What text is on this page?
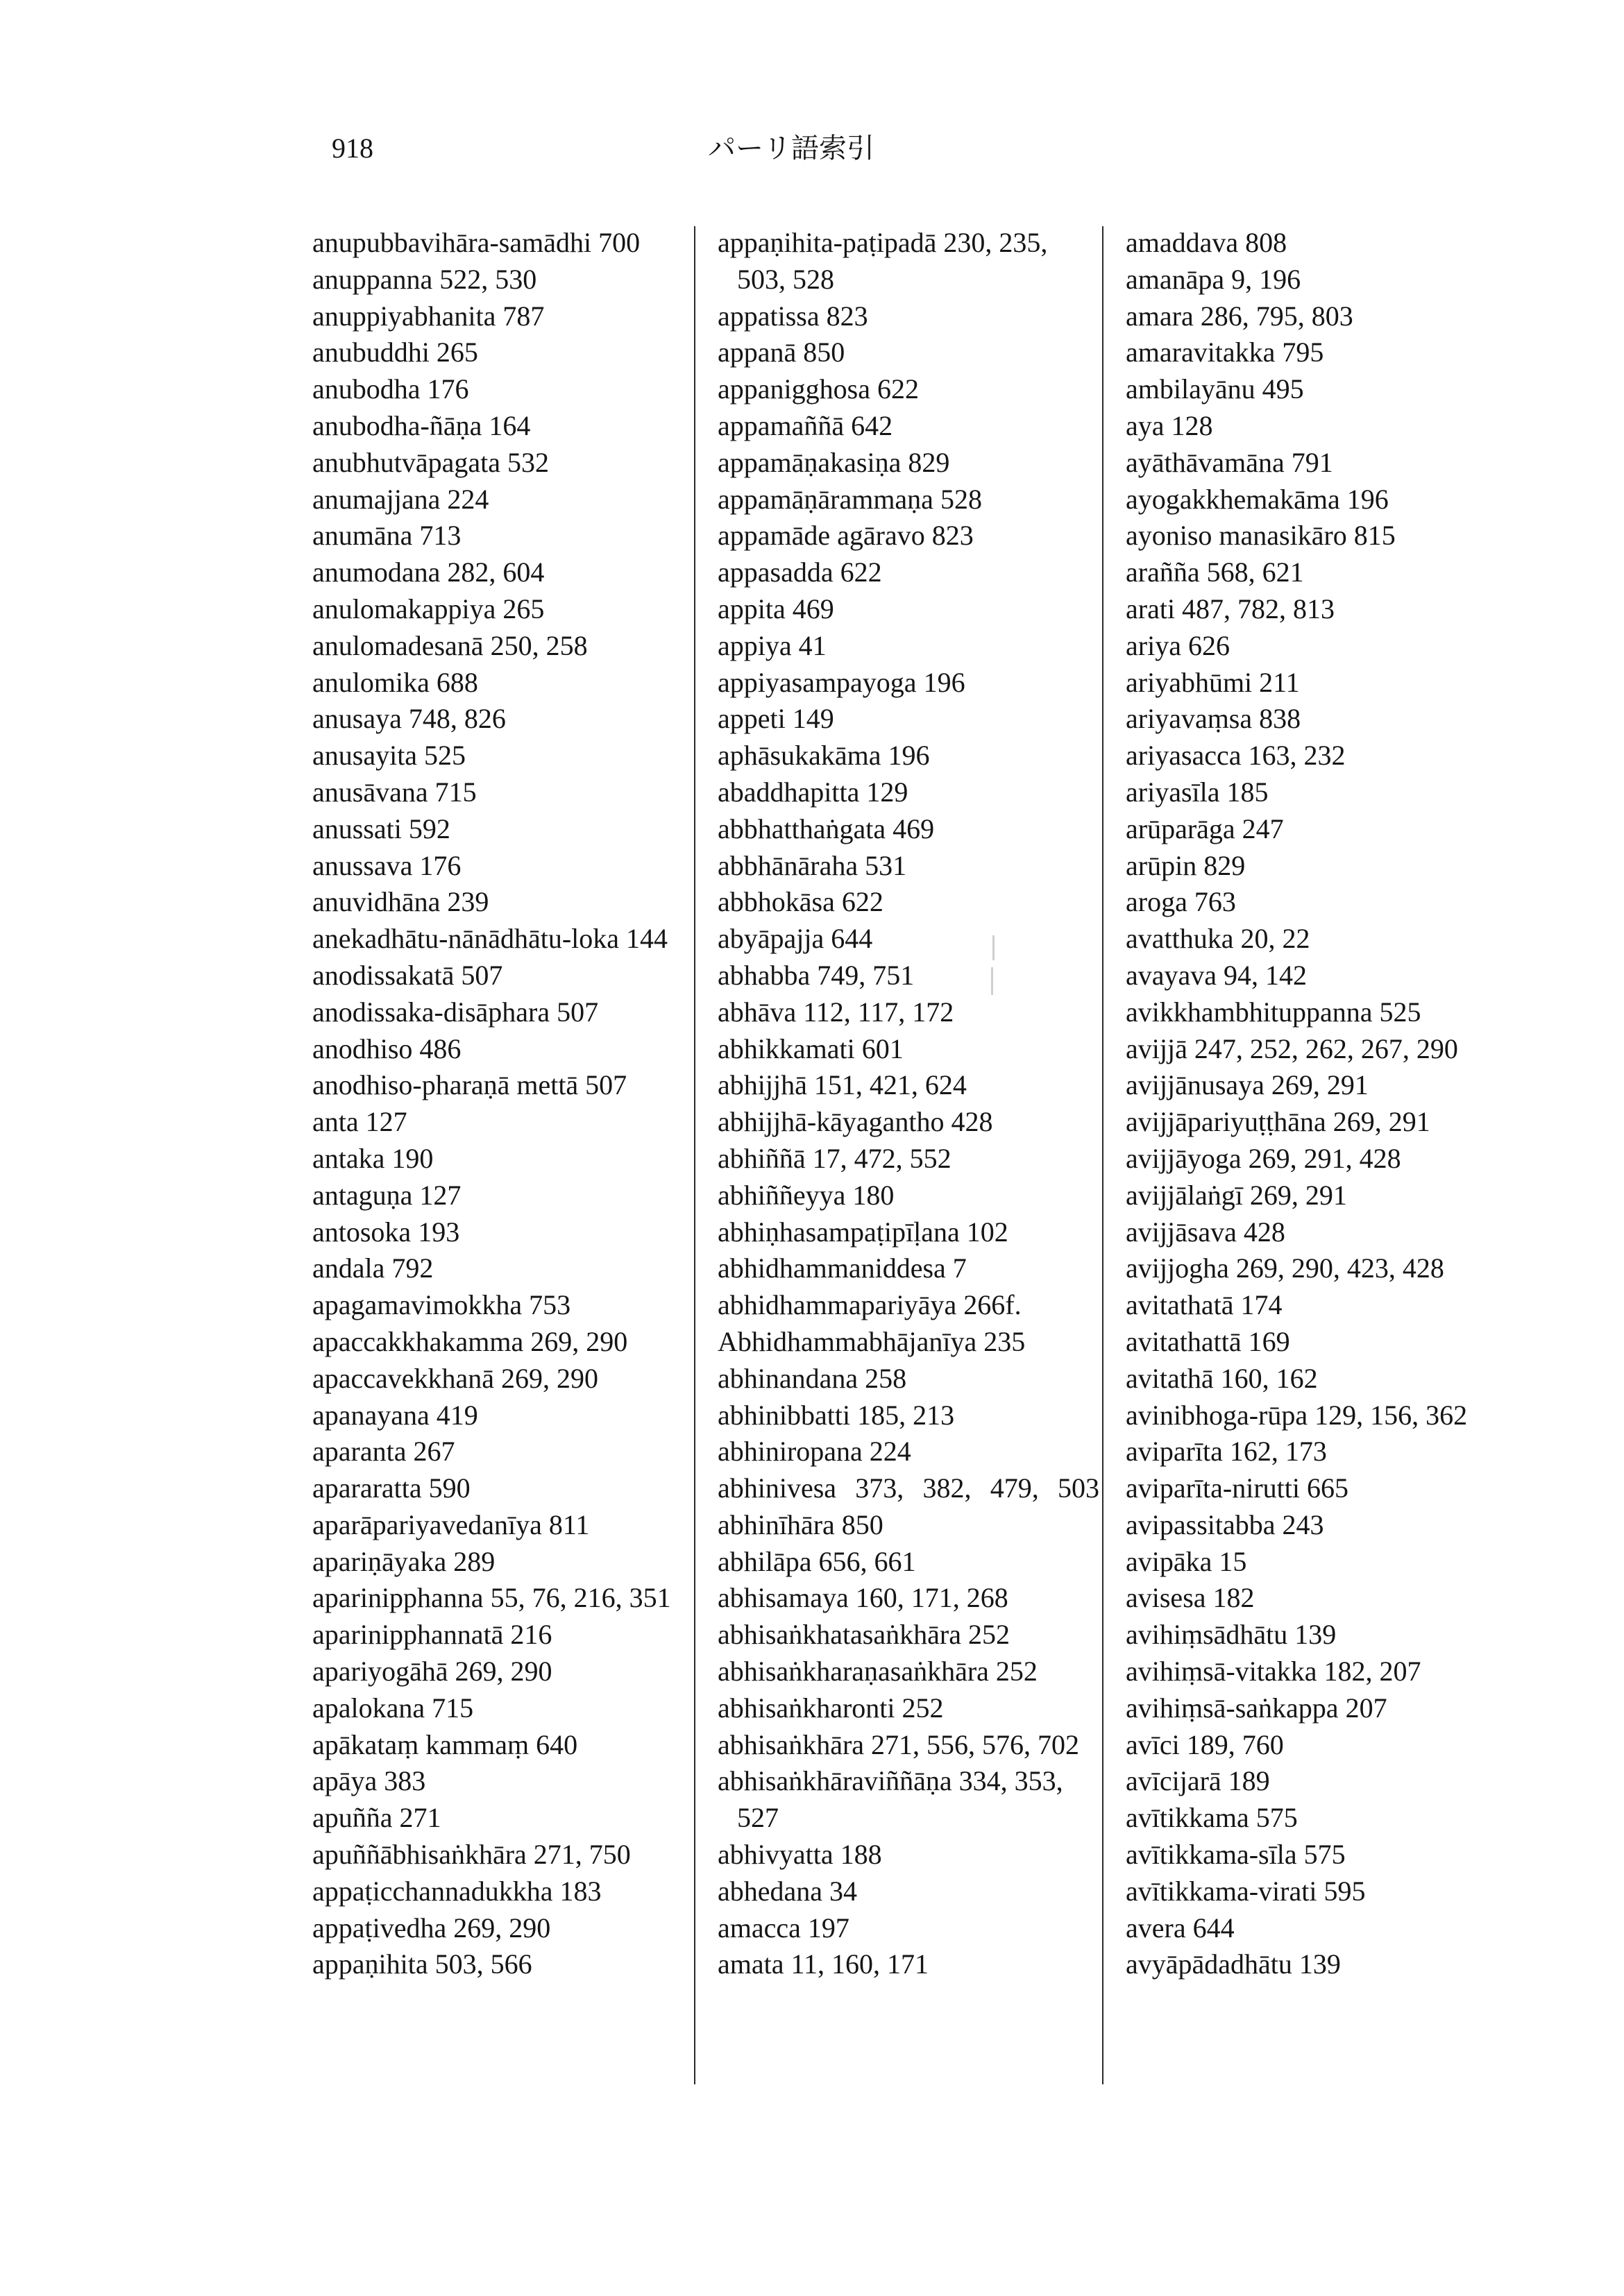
918	パーリ語索引
anupubbavihāra-samādhi 700
anuppanna 522, 530
anuppiyabhanita 787
anubuddhi 265
anubodha 176
anubodha-ñāṇa 164
anubhutvāpagata 532
anumajjana 224
anumāna 713
anumodana 282, 604
anulomakappiya 265
anulomadesanā 250, 258
anulomika 688
anusaya 748, 826
anusayita 525
anusāvana 715
anussati 592
anussava 176
anuvidhāna 239
anekadhātu-nānādhātu-loka 144
anodissakatā 507
anodissaka-disāphara 507
anodhiso 486
anodhiso-pharaṇā mettā 507
anta 127
antaka 190
antaguṇa 127
antosoka 193
andala 792
apagamavimokkha 753
apaccakkhakamma 269, 290
apaccavekkhanā 269, 290
apanayana 419
aparanta 267
apararatta 590
aparāpariyavedanīya 811
apariṇāyaka 289
aparinipphanna 55, 76, 216, 351
aparinipphannatā 216
apariyogāhā 269, 290
apalokana 715
apākataṃ kammaṃ 640
apāya 383
apuñña 271
apuññābhisaṅkhāra 271, 750
appaṭicchannadukkha 183
appaṭivedha 269, 290
appaṇihita 503, 566
appaṇihita-paṭipadā 230, 235, 503, 528
appatissa 823
appanā 850
appanigghosa 622
appamaññā 642
appamāṇakasiṇa 829
appamāṇārammaṇa 528
appamāde agāravo 823
appasadda 622
appita 469
appiya 41
appiyasampayoga 196
appeti 149
aphāsukakāma 196
abaddhapitta 129
abbhatthaṅgata 469
abbhānāraha 531
abbhokāsa 622
abyāpajja 644
abhabba 749, 751
abhāva 112, 117, 172
abhikkamati 601
abhijjhā 151, 421, 624
abhijjhā-kāyagantho 428
abhiññā 17, 472, 552
abhiññeyya 180
abhiṇhasampaṭipīḷana 102
abhidhammaniddesa 7
abhidhammapariyāya 266f.
Abhidhammabhājanīya 235
abhinandana 258
abhinibbatti 185, 213
abhiniropana 224
abhinivesa 373, 382, 479, 503
abhinīhāra 850
abhilāpa 656, 661
abhisamaya 160, 171, 268
abhisaṅkhatasaṅkhāra 252
abhisaṅkharaṇasaṅkhāra 252
abhisaṅkharonti 252
abhisaṅkhāra 271, 556, 576, 702
abhisaṅkhāraviññāṇa 334, 353, 527
abhivyatta 188
abhedana 34
amacca 197
amata 11, 160, 171
amaddava 808
amanāpa 9, 196
amara 286, 795, 803
amaravitakka 795
ambilayānu 495
aya 128
ayāthāvamāna 791
ayogakkhemakāma 196
ayoniso manasikāro 815
arañña 568, 621
arati 487, 782, 813
ariya 626
ariyabhūmi 211
ariyavaṃsa 838
ariyasacca 163, 232
ariyasīla 185
arūparāga 247
arūpin 829
aroga 763
avatthuka 20, 22
avayava 94, 142
avikkhambhituppanna 525
avijjā 247, 252, 262, 267, 290
avijjānusaya 269, 291
avijjāpariyuṭṭhāna 269, 291
avijjāyoga 269, 291, 428
avijjālaṅgī 269, 291
avijjāsava 428
avijjogha 269, 290, 423, 428
avitathatā 174
avitathattā 169
avitathā 160, 162
avinibhoga-rūpa 129, 156, 362
aviparīta 162, 173
aviparīta-nirutti 665
avipassitabba 243
avipāka 15
avisesa 182
avihiṃsādhātu 139
avihiṃsā-vitakka 182, 207
avihiṃsā-saṅkappa 207
avīci 189, 760
avīcijarā 189
avītikkama 575
avītikkama-sīla 575
avītikkama-virati 595
avera 644
avyāpādadhātu 139
